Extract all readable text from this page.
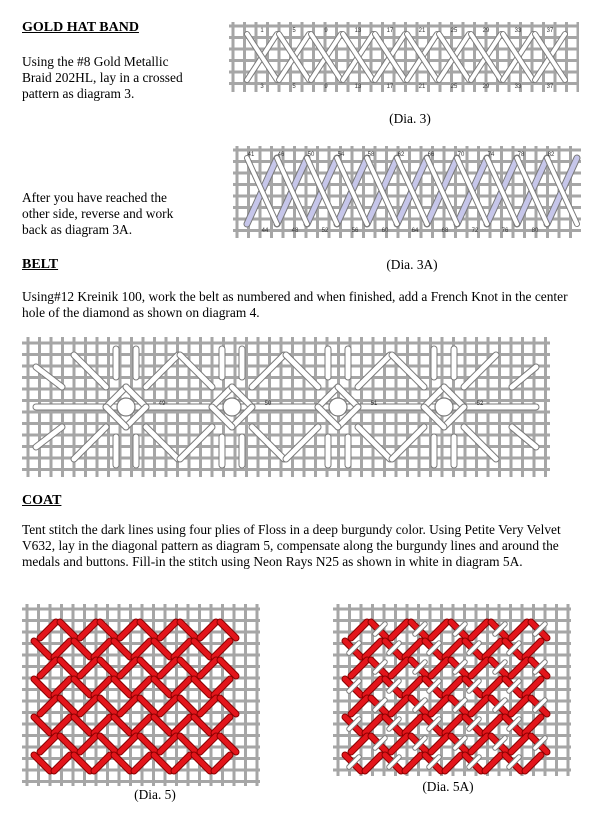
GOLD HAT BAND
Using the #8 Gold Metallic Braid 202HL, lay in a crossed pattern as diagram 3.
1	5	9	13	17	21	25	29	33	37
3	5	9	13	17	21	25	29	33	37
(Dia. 3)
After you have reached the other side, reverse and work back as diagram 3A.
41	46	50	54	58	62	66	70	74	78	82
44	48	52	56	60	64	68	72	76	80
(Dia. 3A)
BELT
Using#12 Kreinik 100, work the belt as numbered and when finished, add a French Knot in the center hole of the diamond as shown on diagram 4.
49	50	51	52
COAT
Tent stitch the dark lines using four plies of Floss in a deep burgundy color. Using Petite Very Velvet V632, lay in the diagonal pattern as diagram 5, compensate along the burgundy lines and around the medals and buttons. Fill-in the stitch using Neon Rays N25 as shown in white in diagram 5A.
(Dia. 5)
(Dia. 5A)
